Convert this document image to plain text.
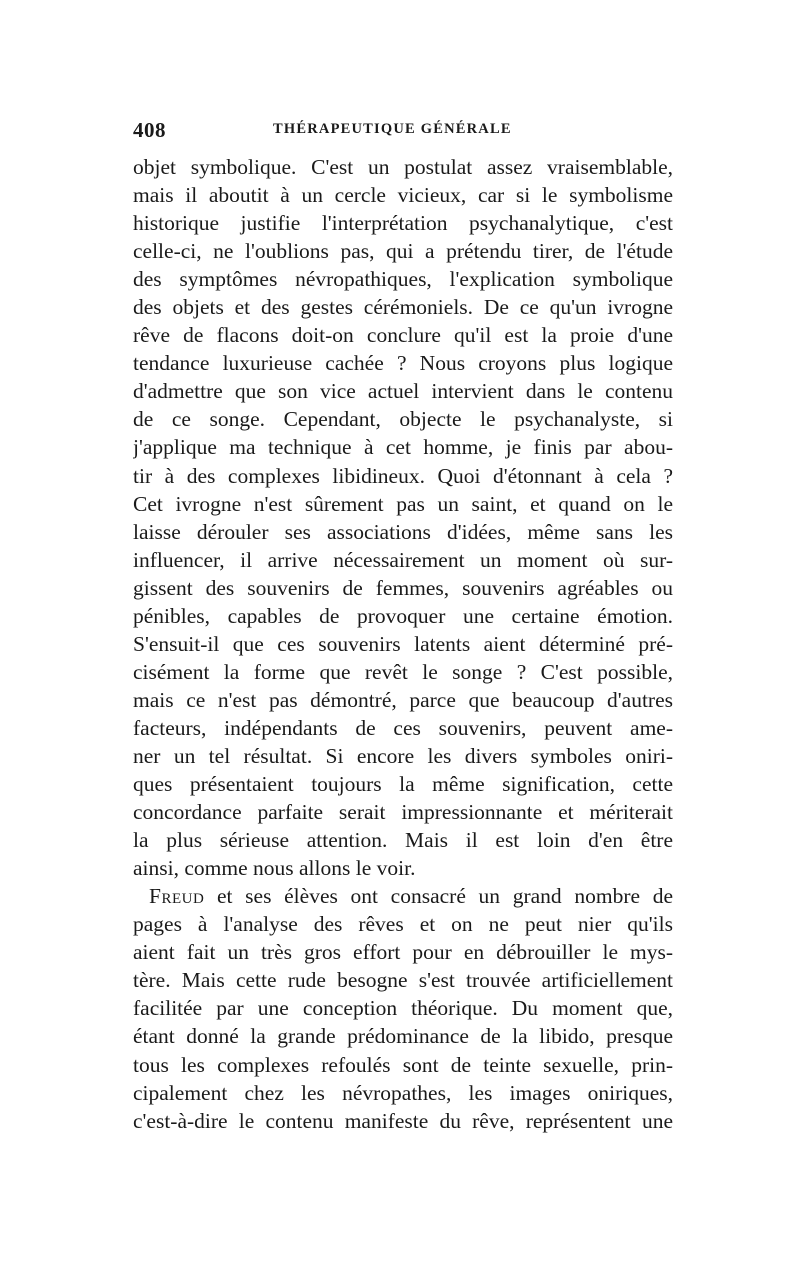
408	THÉRAPEUTIQUE GÉNÉRALE
objet symbolique. C'est un postulat assez vraisemblable,
mais il aboutit à un cercle vicieux, car si le symbolisme
historique justifie l'interprétation psychanalytique, c'est
celle-ci, ne l'oublions pas, qui a prétendu tirer, de l'étude
des symptômes névropathiques, l'explication symbolique
des objets et des gestes cérémoniels. De ce qu'un ivrogne
rêve de flacons doit-on conclure qu'il est la proie d'une
tendance luxurieuse cachée ? Nous croyons plus logique
d'admettre que son vice actuel intervient dans le contenu
de ce songe. Cependant, objecte le psychanalyste, si
j'applique ma technique à cet homme, je finis par abou-
tir à des complexes libidineux. Quoi d'étonnant à cela ?
Cet ivrogne n'est sûrement pas un saint, et quand on le
laisse dérouler ses associations d'idées, même sans les
influencer, il arrive nécessairement un moment où sur-
gissent des souvenirs de femmes, souvenirs agréables ou
pénibles, capables de provoquer une certaine émotion.
S'ensuit-il que ces souvenirs latents aient déterminé pré-
cisément la forme que revêt le songe ? C'est possible,
mais ce n'est pas démontré, parce que beaucoup d'autres
facteurs, indépendants de ces souvenirs, peuvent ame-
ner un tel résultat. Si encore les divers symboles oniri-
ques présentaient toujours la même signification, cette
concordance parfaite serait impressionnante et mériterait
la plus sérieuse attention. Mais il est loin d'en être
ainsi, comme nous allons le voir.
Freud et ses élèves ont consacré un grand nombre de
pages à l'analyse des rêves et on ne peut nier qu'ils
aient fait un très gros effort pour en débrouiller le mys-
tère. Mais cette rude besogne s'est trouvée artificiellement
facilitée par une conception théorique. Du moment que,
étant donné la grande prédominance de la libido, presque
tous les complexes refoulés sont de teinte sexuelle, prin-
cipalement chez les névropathes, les images oniriques,
c'est-à-dire le contenu manifeste du rêve, représentent une
